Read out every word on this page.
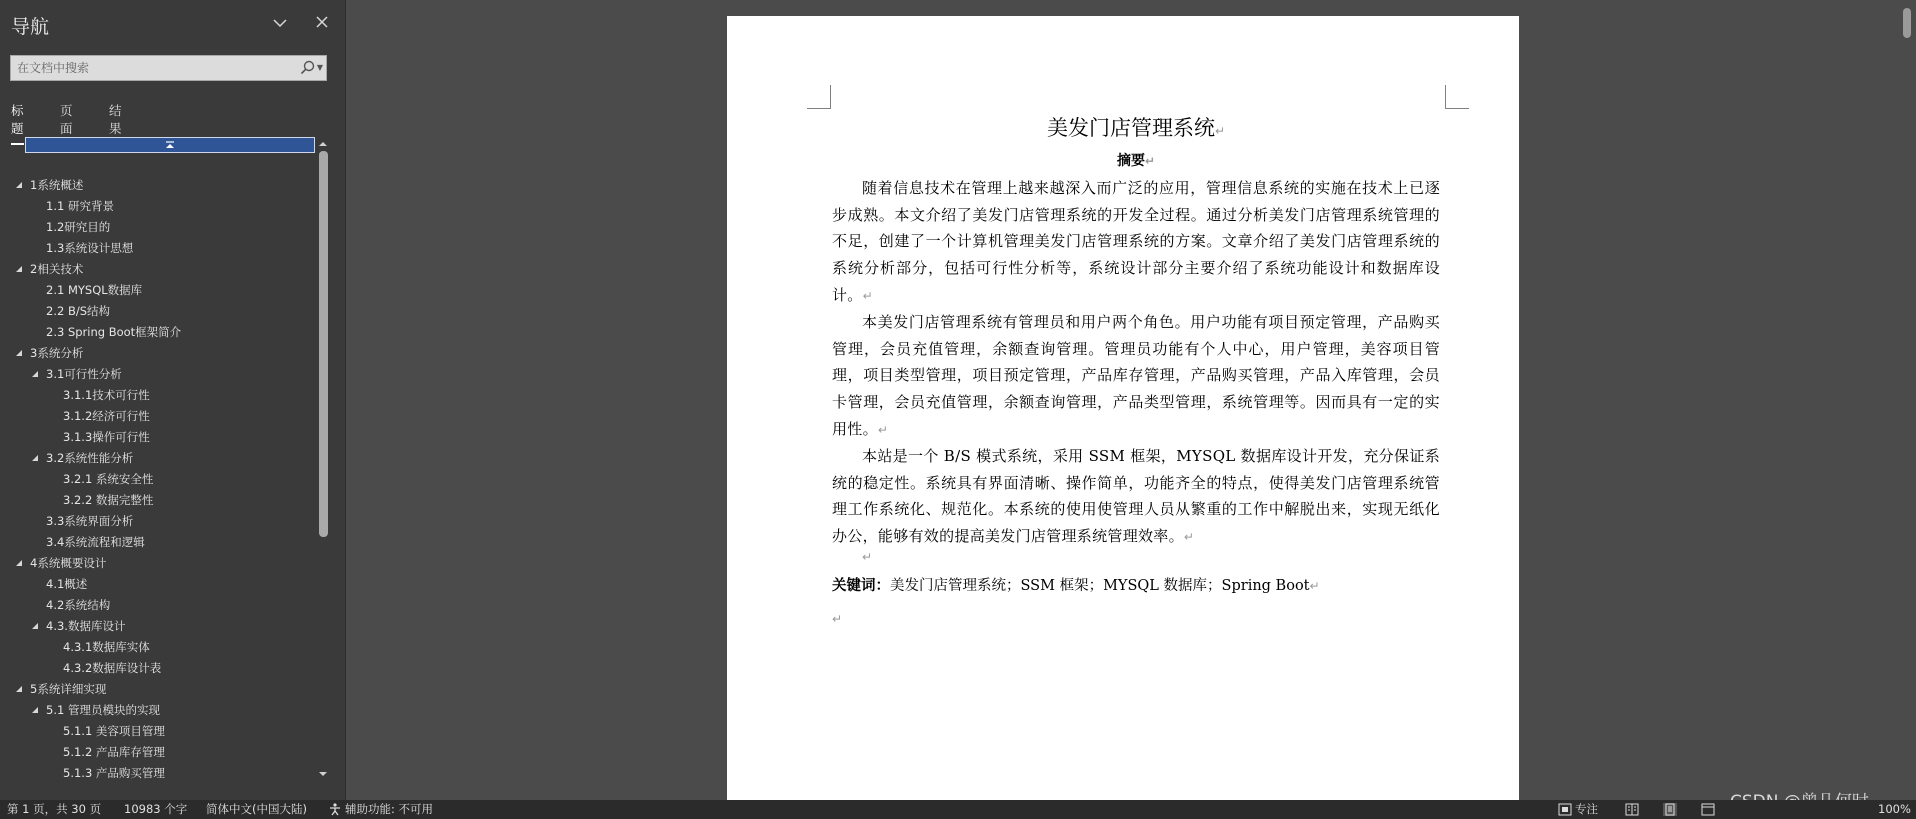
导航
在文档中搜索
▼
标题
页面
结果
1系统概述
1.1 研究背景
1.2研究目的
1.3系统设计思想
2相关技术
2.1 MYSQL数据库
2.2 B/S结构
2.3 Spring Boot框架简介
3系统分析
3.1可行性分析
3.1.1技术可行性
3.1.2经济可行性
3.1.3操作可行性
3.2系统性能分析
3.2.1 系统安全性
3.2.2 数据完整性
3.3系统界面分析
3.4系统流程和逻辑
4系统概要设计
4.1概述
4.2系统结构
4.3.数据库设计
4.3.1数据库实体
4.3.2数据库设计表
5系统详细实现
5.1 管理员模块的实现
5.1.1 美容项目管理
5.1.2 产品库存管理
5.1.3 产品购买管理
美发门店管理系统↵
摘要↵
随着信息技术在管理上越来越深入而广泛的应用，管理信息系统的实施在技术上已逐步成熟。本文介绍了美发门店管理系统的开发全过程。通过分析美发门店管理系统管理的不足，创建了一个计算机管理美发门店管理系统的方案。文章介绍了美发门店管理系统的系统分析部分，包括可行性分析等，系统设计部分主要介绍了系统功能设计和数据库设计。↵
本美发门店管理系统有管理员和用户两个角色。用户功能有项目预定管理，产品购买管理，会员充值管理，余额查询管理。管理员功能有个人中心，用户管理，美容项目管理，项目类型管理，项目预定管理，产品库存管理，产品购买管理，产品入库管理，会员卡管理，会员充值管理，余额查询管理，产品类型管理，系统管理等。因而具有一定的实用性。↵
本站是一个 B/S 模式系统，采用 SSM 框架，MYSQL 数据库设计开发，充分保证系统的稳定性。系统具有界面清晰、操作简单，功能齐全的特点，使得美发门店管理系统管理工作系统化、规范化。本系统的使用使管理人员从繁重的工作中解脱出来，实现无纸化办公，能够有效的提高美发门店管理系统管理效率。↵
↵
关键词：美发门店管理系统；SSM 框架；MYSQL 数据库；Spring Boot↵
↵
第 1 页，共 30 页 10983 个字 简体中文(中国大陆)	辅助功能: 不可用	专注	100%
